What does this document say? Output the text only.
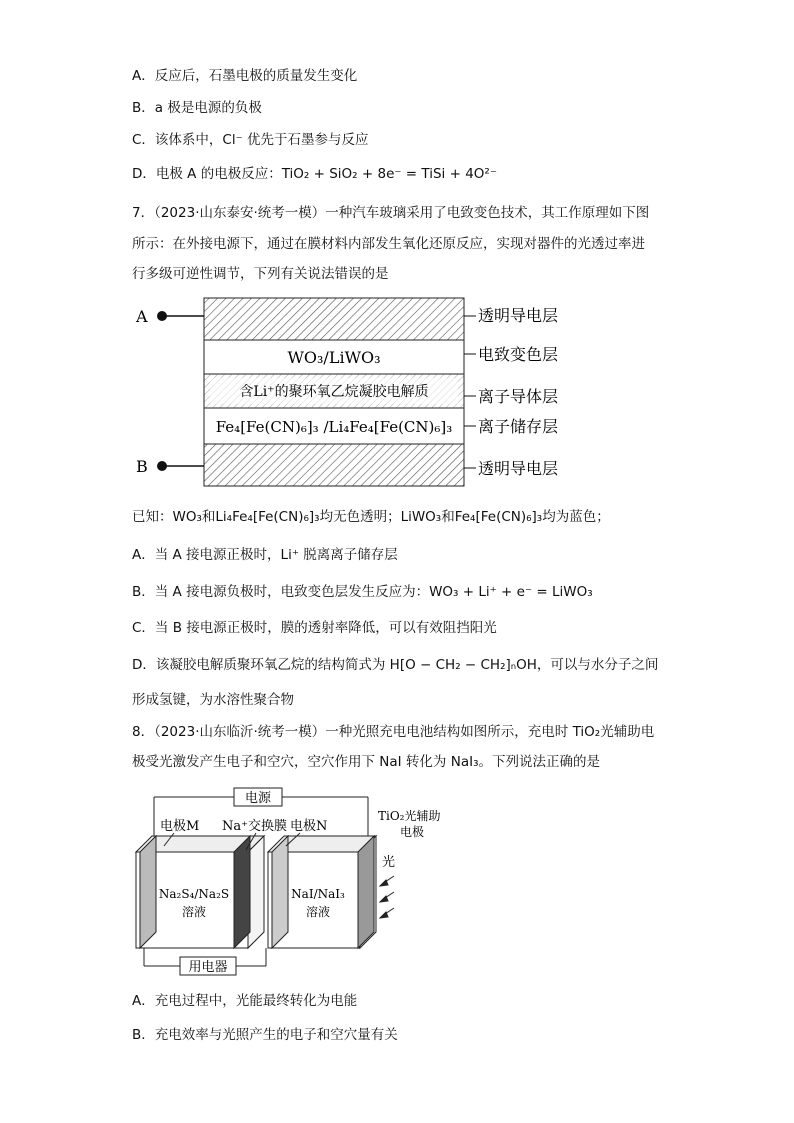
A．反应后，石墨电极的质量发生变化
B．a 极是电源的负极
C．该体系中，Cl⁻ 优先于石墨参与反应
D．电极 A 的电极反应：TiO₂ + SiO₂ + 8e⁻ = TiSi + 4O²⁻
7．（2023·山东泰安·统考一模）一种汽车玻璃采用了电致变色技术，其工作原理如下图
所示：在外接电源下，通过在膜材料内部发生氧化还原反应，实现对器件的光透过率进
行多级可逆性调节，下列有关说法错误的是
A
B
WO₃/LiWO₃
含Li⁺的聚环氧乙烷凝胶电解质
Fe₄[Fe(CN)₆]₃ /Li₄Fe₄[Fe(CN)₆]₃
透明导电层
电致变色层
离子导体层
离子储存层
透明导电层
已知：WO₃和Li₄Fe₄[Fe(CN)₆]₃均无色透明；LiWO₃和Fe₄[Fe(CN)₆]₃均为蓝色；
A．当 A 接电源正极时，Li⁺ 脱离离子储存层
B．当 A 接电源负极时，电致变色层发生反应为：WO₃ + Li⁺ + e⁻ = LiWO₃
C．当 B 接电源正极时，膜的透射率降低，可以有效阻挡阳光
D．该凝胶电解质聚环氧乙烷的结构简式为 H[O − CH₂ − CH₂]ₙOH，可以与水分子之间
形成氢键，为水溶性聚合物
8．（2023·山东临沂·统考一模）一种光照充电电池结构如图所示，充电时 TiO₂光辅助电
极受光激发产生电子和空穴，空穴作用下 NaI 转化为 NaI₃。下列说法正确的是
电源
电极M Na⁺交换膜 电极N
TiO₂光辅助
电极
Na₂S₄/Na₂S
溶液
NaI/NaI₃
溶液
光
用电器
A．充电过程中，光能最终转化为电能
B．充电效率与光照产生的电子和空穴量有关
